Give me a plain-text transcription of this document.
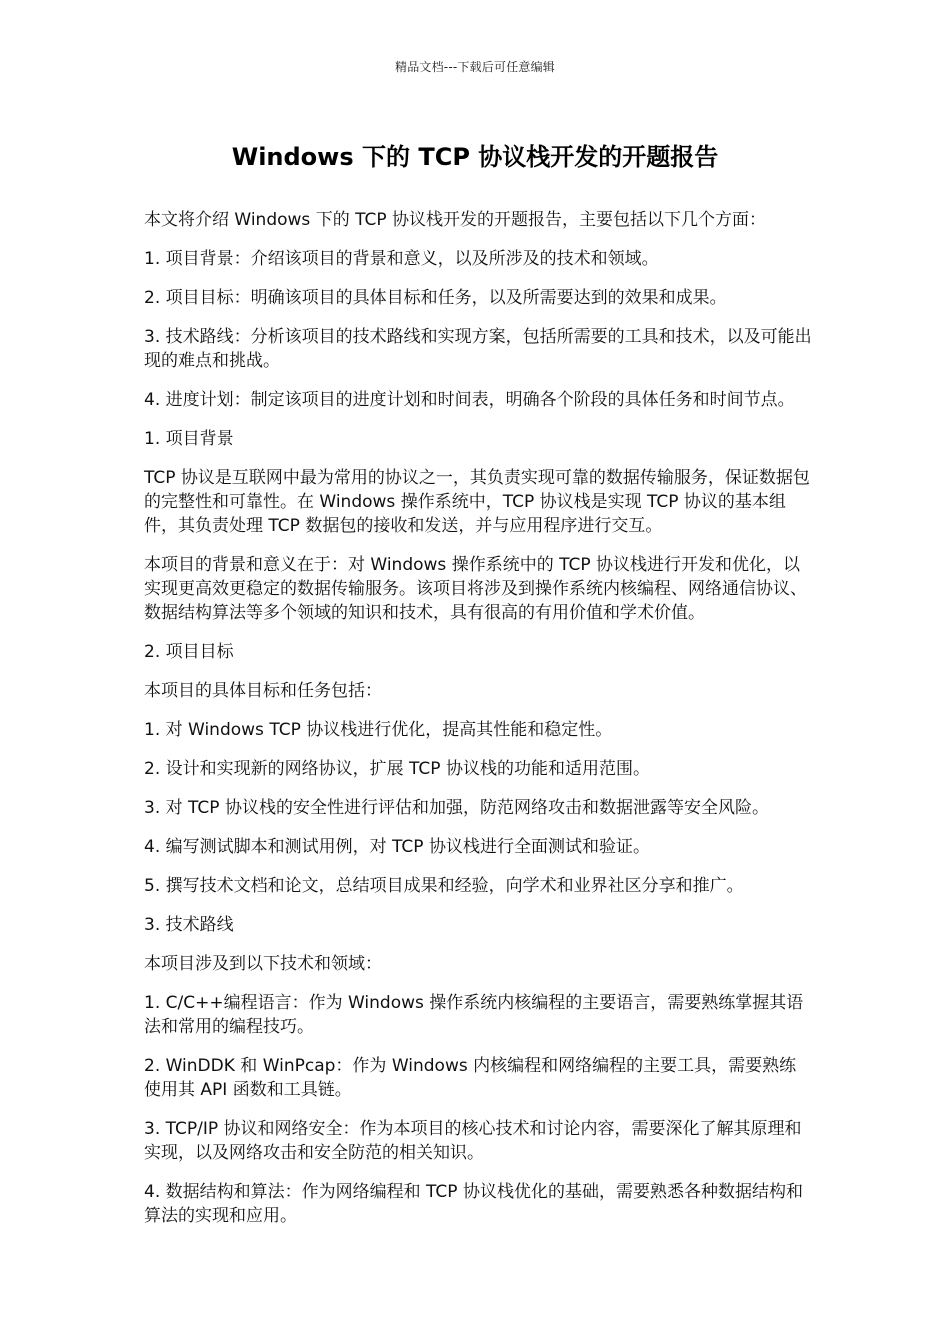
精品文档---下载后可任意编辑
Windows 下的 TCP 协议栈开发的开题报告

本文将介绍 Windows 下的 TCP 协议栈开发的开题报告，主要包括以下几个方面：

1. 项目背景：介绍该项目的背景和意义，以及所涉及的技术和领域。

2. 项目目标：明确该项目的具体目标和任务，以及所需要达到的效果和成果。

3. 技术路线：分析该项目的技术路线和实现方案，包括所需要的工具和技术，以及可能出现的难点和挑战。

4. 进度计划：制定该项目的进度计划和时间表，明确各个阶段的具体任务和时间节点。

1. 项目背景

TCP 协议是互联网中最为常用的协议之一，其负责实现可靠的数据传输服务，保证数据包的完整性和可靠性。在 Windows 操作系统中，TCP 协议栈是实现 TCP 协议的基本组件，其负责处理 TCP 数据包的接收和发送，并与应用程序进行交互。

本项目的背景和意义在于：对 Windows 操作系统中的 TCP 协议栈进行开发和优化，以实现更高效更稳定的数据传输服务。该项目将涉及到操作系统内核编程、网络通信协议、数据结构算法等多个领域的知识和技术，具有很高的有用价值和学术价值。

2. 项目目标

本项目的具体目标和任务包括：

1. 对 Windows TCP 协议栈进行优化，提高其性能和稳定性。

2. 设计和实现新的网络协议，扩展 TCP 协议栈的功能和适用范围。

3. 对 TCP 协议栈的安全性进行评估和加强，防范网络攻击和数据泄露等安全风险。

4. 编写测试脚本和测试用例，对 TCP 协议栈进行全面测试和验证。

5. 撰写技术文档和论文，总结项目成果和经验，向学术和业界社区分享和推广。

3. 技术路线

本项目涉及到以下技术和领域：

1. C/C++编程语言：作为 Windows 操作系统内核编程的主要语言，需要熟练掌握其语法和常用的编程技巧。

2. WinDDK 和 WinPcap：作为 Windows 内核编程和网络编程的主要工具，需要熟练使用其 API 函数和工具链。

3. TCP/IP 协议和网络安全：作为本项目的核心技术和讨论内容，需要深化了解其原理和实现，以及网络攻击和安全防范的相关知识。

4. 数据结构和算法：作为网络编程和 TCP 协议栈优化的基础，需要熟悉各种数据结构和算法的实现和应用。
